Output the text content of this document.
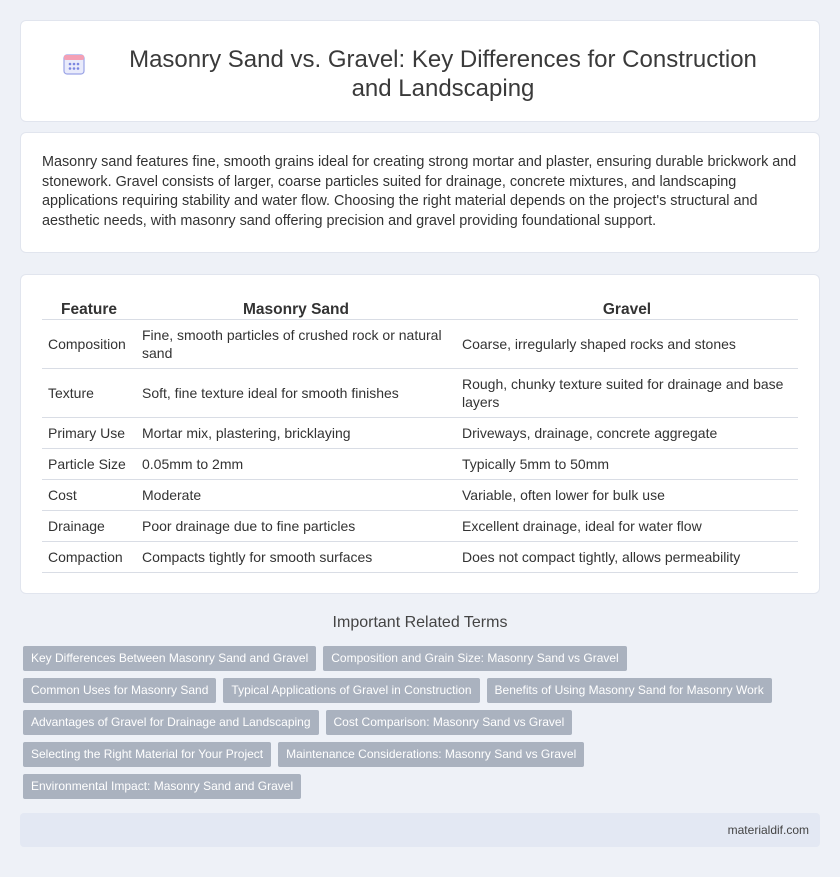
Masonry Sand vs. Gravel: Key Differences for Construction and Landscaping

Masonry sand features fine, smooth grains ideal for creating strong mortar and plaster, ensuring durable brickwork and stonework. Gravel consists of larger, coarse particles suited for drainage, concrete mixtures, and landscaping applications requiring stability and water flow. Choosing the right material depends on the project's structural and aesthetic needs, with masonry sand offering precision and gravel providing foundational support.

Feature	Masonry Sand	Gravel
Composition	Fine, smooth particles of crushed rock or natural sand	Coarse, irregularly shaped rocks and stones
Texture	Soft, fine texture ideal for smooth finishes	Rough, chunky texture suited for drainage and base layers
Primary Use	Mortar mix, plastering, bricklaying	Driveways, drainage, concrete aggregate
Particle Size	0.05mm to 2mm	Typically 5mm to 50mm
Cost	Moderate	Variable, often lower for bulk use
Drainage	Poor drainage due to fine particles	Excellent drainage, ideal for water flow
Compaction	Compacts tightly for smooth surfaces	Does not compact tightly, allows permeability
Important Related Terms
Key Differences Between Masonry Sand and Gravel	Composition and Grain Size: Masonry Sand vs Gravel
Common Uses for Masonry Sand	Typical Applications of Gravel in Construction	Benefits of Using Masonry Sand for Masonry Work
Advantages of Gravel for Drainage and Landscaping	Cost Comparison: Masonry Sand vs Gravel
Selecting the Right Material for Your Project	Maintenance Considerations: Masonry Sand vs Gravel
Environmental Impact: Masonry Sand and Gravel
materialdif.com
